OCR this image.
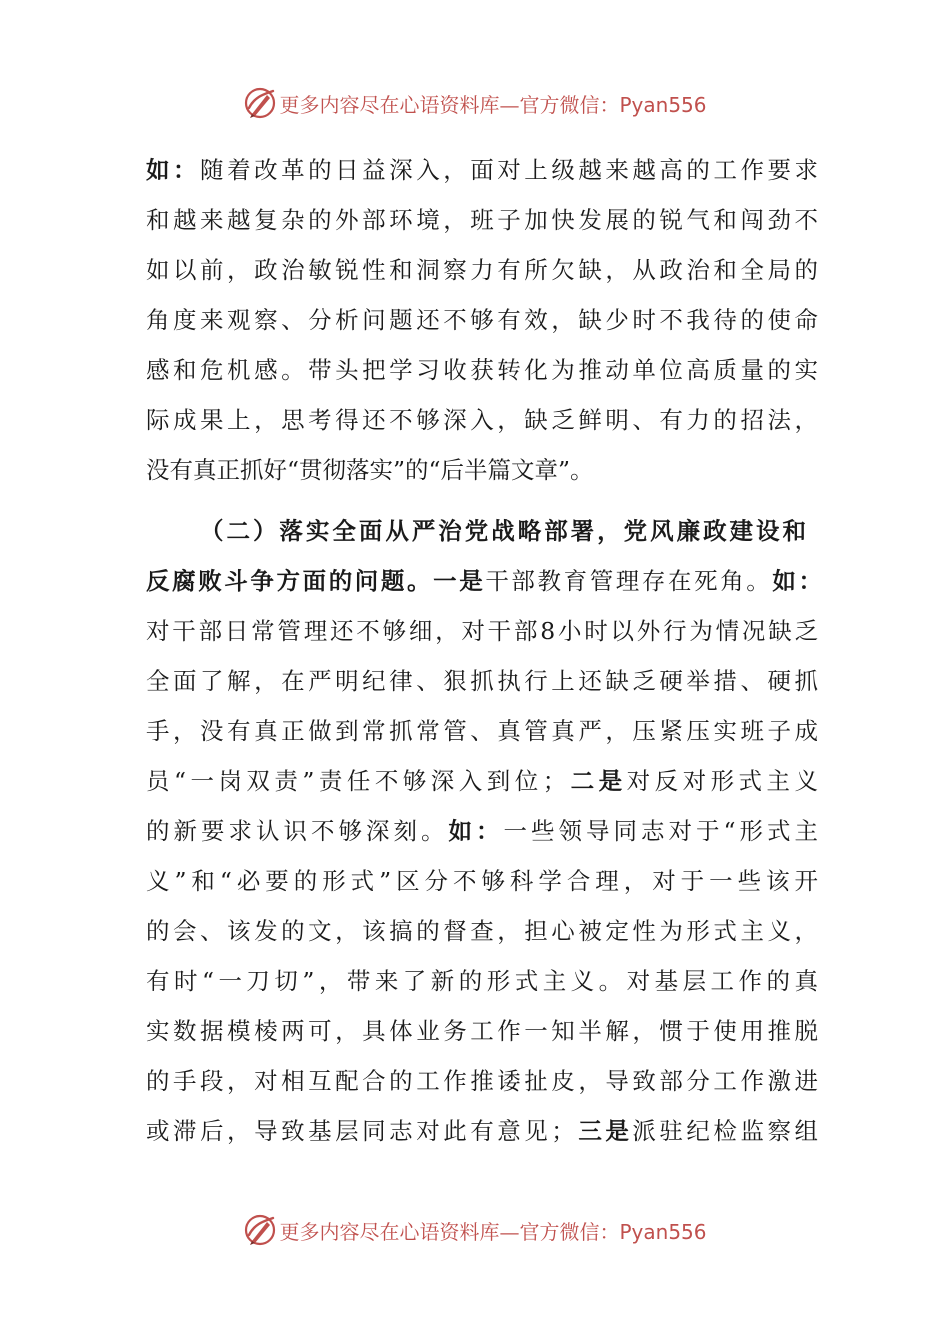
更多内容尽在心语资料库—官方微信：Pyan556
如：随着改革的日益深入，面对上级越来越高的工作要求
和越来越复杂的外部环境，班子加快发展的锐气和闯劲不
如以前，政治敏锐性和洞察力有所欠缺，从政治和全局的
角度来观察、分析问题还不够有效，缺少时不我待的使命
感和危机感。带头把学习收获转化为推动单位高质量的实
际成果上，思考得还不够深入，缺乏鲜明、有力的招法，
没有真正抓好“贯彻落实”的“后半篇文章”。
（二）落实全面从严治党战略部署，党风廉政建设和
反腐败斗争方面的问题。一是干部教育管理存在死角。如：
对干部日常管理还不够细，对干部8小时以外行为情况缺乏
全面了解，在严明纪律、狠抓执行上还缺乏硬举措、硬抓
手，没有真正做到常抓常管、真管真严，压紧压实班子成
员“一岗双责”责任不够深入到位；二是对反对形式主义
的新要求认识不够深刻。如：一些领导同志对于“形式主
义”和“必要的形式”区分不够科学合理，对于一些该开
的会、该发的文，该搞的督查，担心被定性为形式主义，
有时“一刀切”，带来了新的形式主义。对基层工作的真
实数据模棱两可，具体业务工作一知半解，惯于使用推脱
的手段，对相互配合的工作推诿扯皮，导致部分工作激进
或滞后，导致基层同志对此有意见；三是派驻纪检监察组
更多内容尽在心语资料库—官方微信：Pyan556
